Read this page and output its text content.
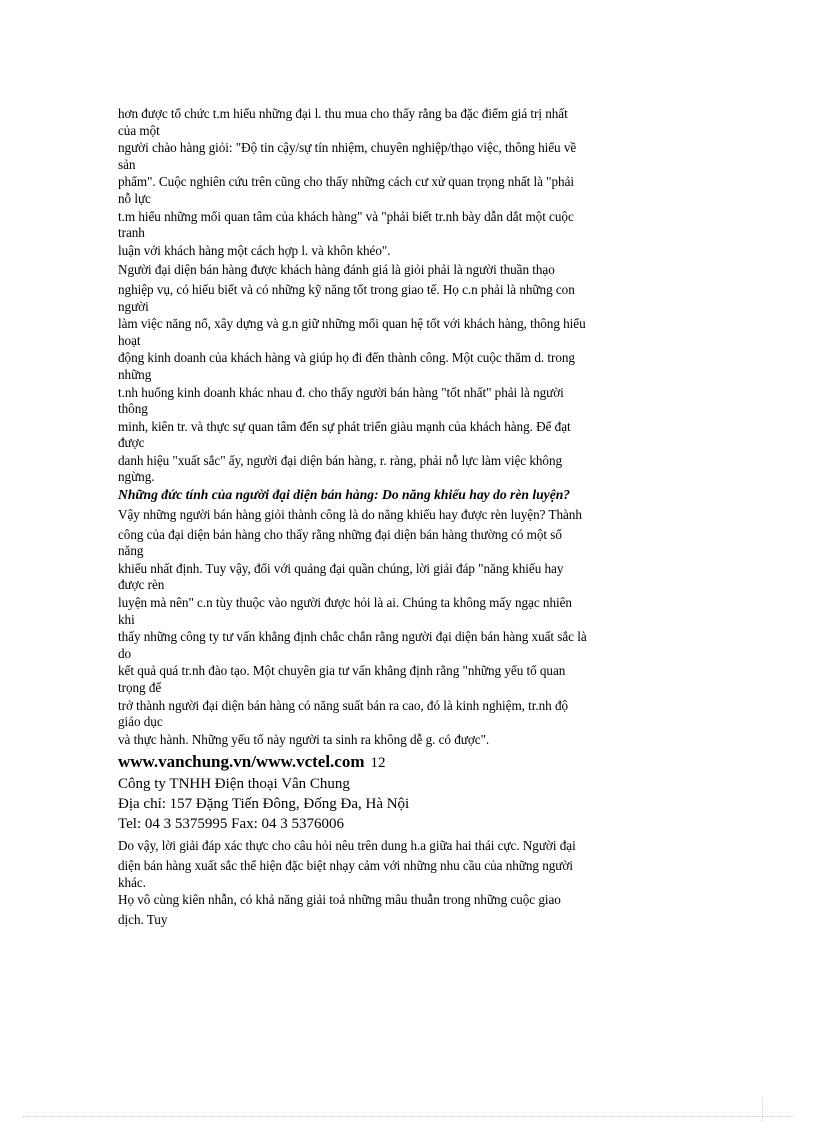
hơn được tổ chức t.m hiểu những đại l. thu mua cho thấy rằng ba đặc điểm giá trị nhất
của một
người chào hàng giỏi: "Độ tin cậy/sự tín nhiệm, chuyên nghiệp/thạo việc, thông hiểu về
sản
phẩm". Cuộc nghiên cứu trên cũng cho thấy những cách cư xử quan trọng nhất là "phải
nỗ lực
t.m hiểu những mối quan tâm của khách hàng" và "phải biết tr.nh bày dẫn dắt một cuộc
tranh
luận với khách hàng một cách hợp l. và khôn khéo".
Người đại diện bán hàng được khách hàng đánh giá là giỏi phải là người thuần thạo
nghiệp vụ, có hiểu biết và có những kỹ năng tốt trong giao tế. Họ c.n phải là những con
người
làm việc năng nổ, xây dựng và g.n giữ những mối quan hệ tốt với khách hàng, thông hiểu
hoạt
động kinh doanh của khách hàng và giúp họ đi đến thành công. Một cuộc thăm d. trong
những
t.nh huống kinh doanh khác nhau đ. cho thấy người bán hàng "tốt nhất" phải là người
thông
minh, kiên tr. và thực sự quan tâm đến sự phát triển giàu mạnh của khách hàng. Để đạt
được
danh hiệu "xuất sắc" ấy, người đại diện bán hàng, r. ràng, phải nỗ lực làm việc không
ngừng.
Những đức tính của người đại diện bán hàng: Do năng khiếu hay do rèn luyện?
Vậy những người bán hàng giỏi thành công là do năng khiếu hay được rèn luyện? Thành
công của đại diện bán hàng cho thấy rằng những đại diện bán hàng thường có một số
năng
khiếu nhất định. Tuy vậy, đối với quảng đại quần chúng, lời giải đáp "năng khiếu hay
được rèn
luyện mà nên" c.n tùy thuộc vào người được hỏi là ai. Chúng ta không mấy ngạc nhiên
khi
thấy những công ty tư vấn khẳng định chắc chắn rằng người đại diện bán hàng xuất sắc là
do
kết quả quá tr.nh đào tạo. Một chuyên gia tư vấn khẳng định rằng "những yếu tố quan
trọng để
trở thành người đại diện bán hàng có năng suất bán ra cao, đó là kinh nghiệm, tr.nh độ
giáo dục
và thực hành. Những yếu tố này người ta sinh ra không dễ g. có được".
www.vanchung.vn/www.vctel.com 12
Công ty TNHH Điện thoại Vân Chung
Địa chỉ: 157 Đặng Tiến Đông, Đống Đa, Hà Nội
Tel: 04 3 5375995 Fax: 04 3 5376006
Do vậy, lời giải đáp xác thực cho câu hỏi nêu trên dung h.a giữa hai thái cực. Người đại
diện bán hàng xuất sắc thể hiện đặc biệt nhạy cảm với những nhu cầu của những người
khác.
Họ vô cùng kiên nhẫn, có khả năng giải toả những mâu thuẫn trong những cuộc giao
dịch. Tuy
